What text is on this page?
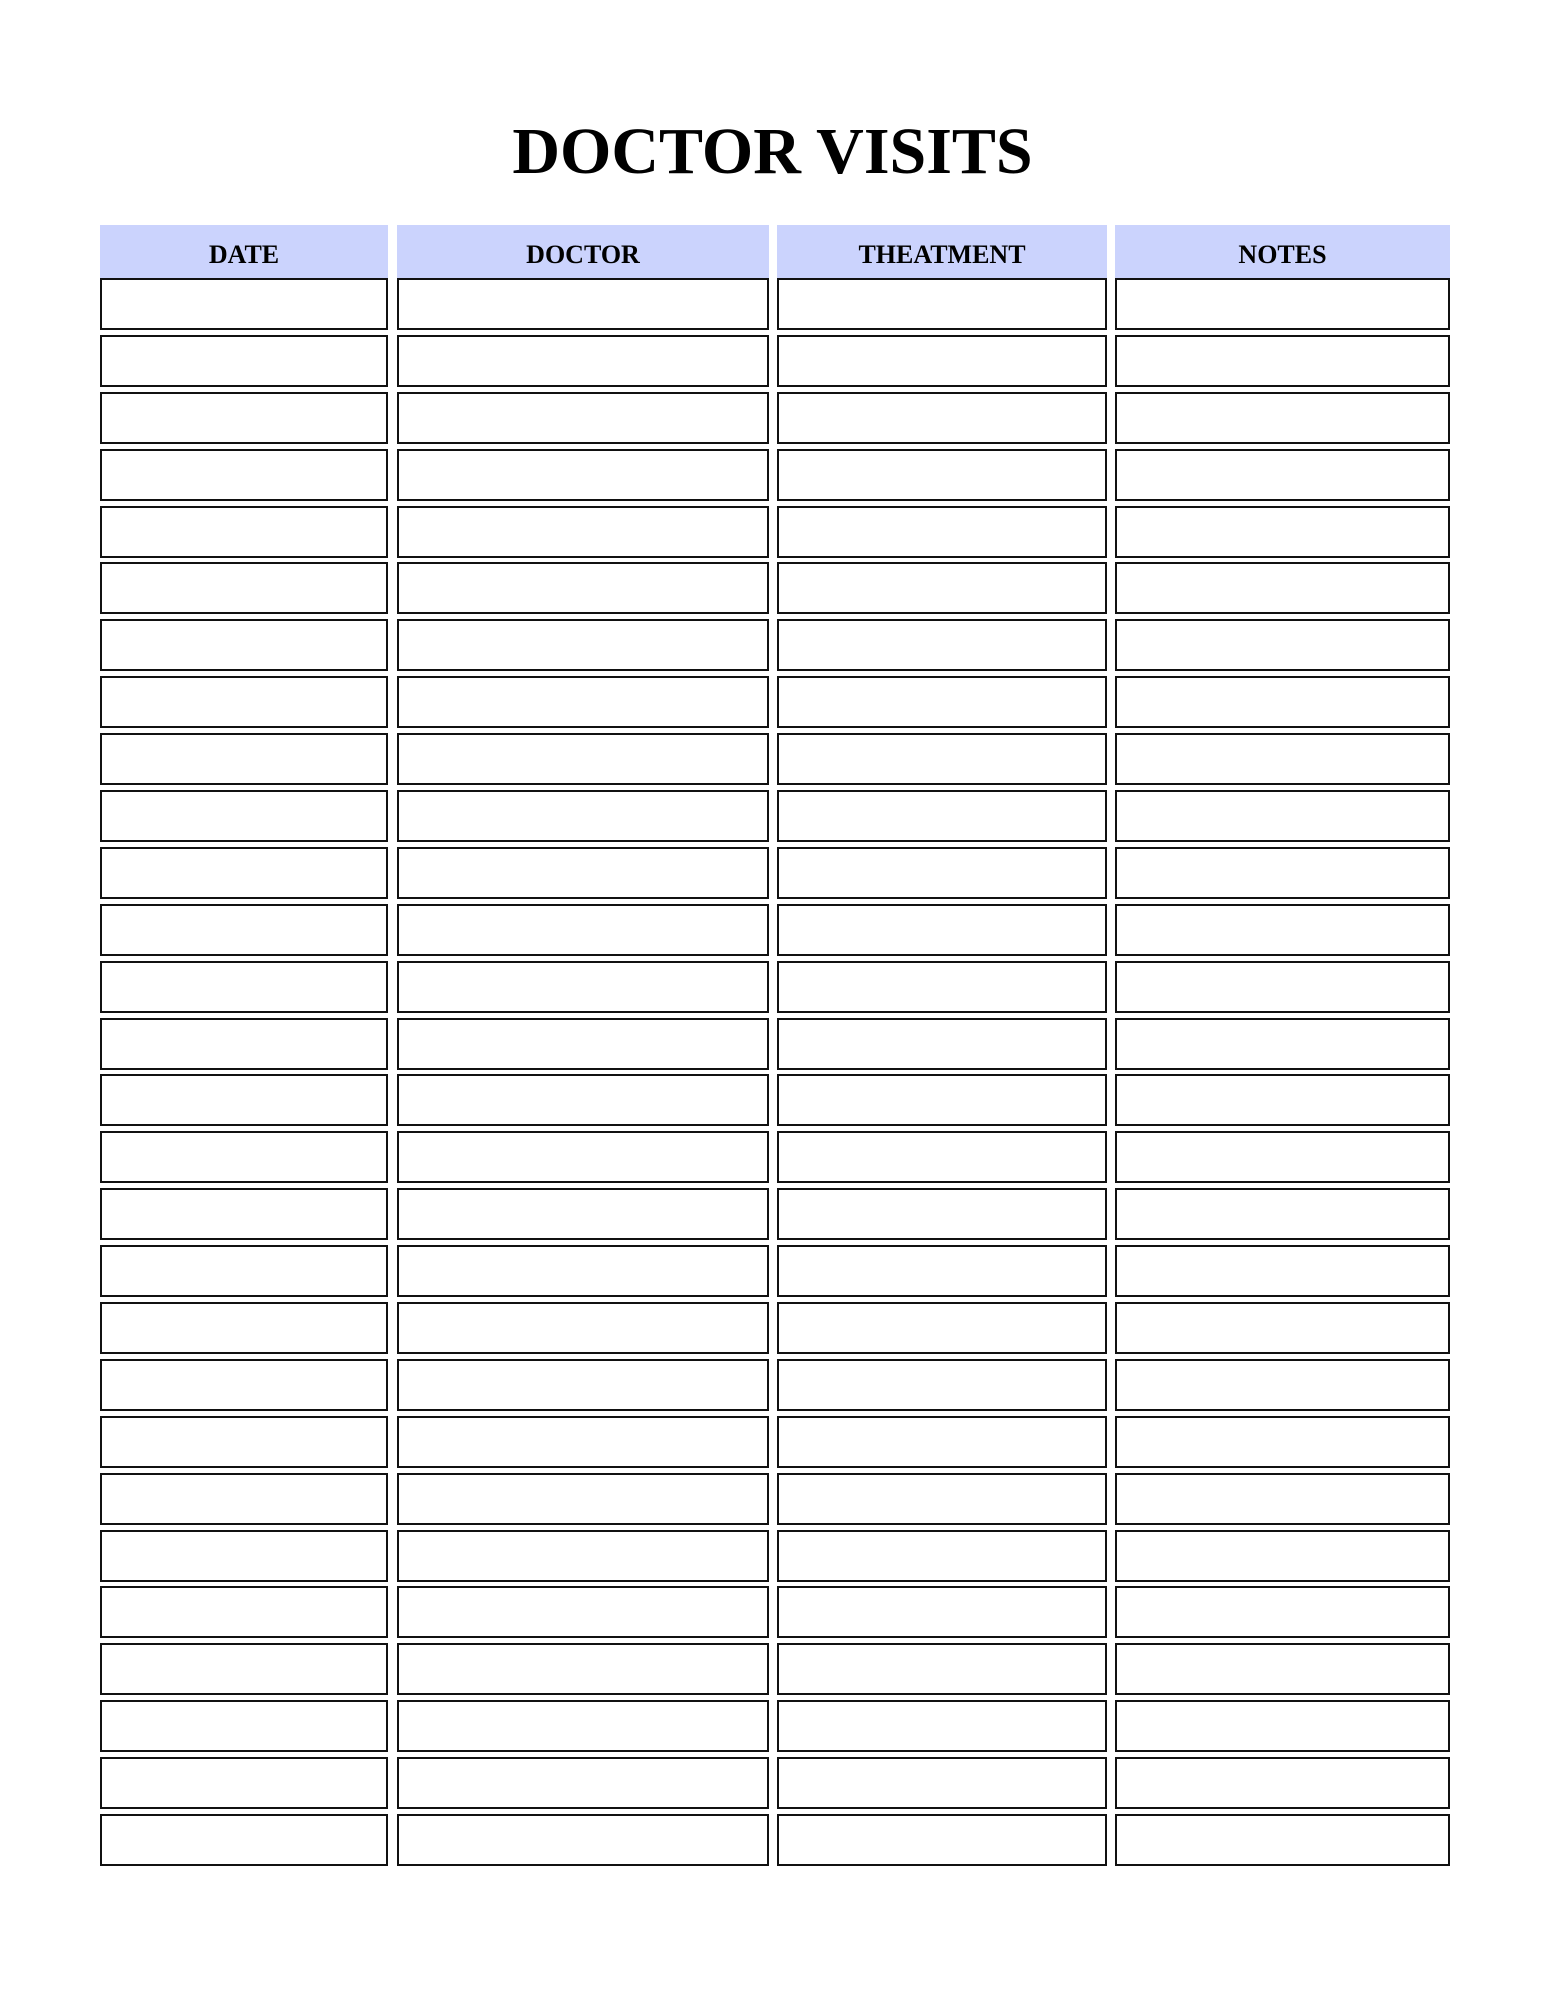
DOCTOR VISITS
DATE	DOCTOR	THEATMENT	NOTES
